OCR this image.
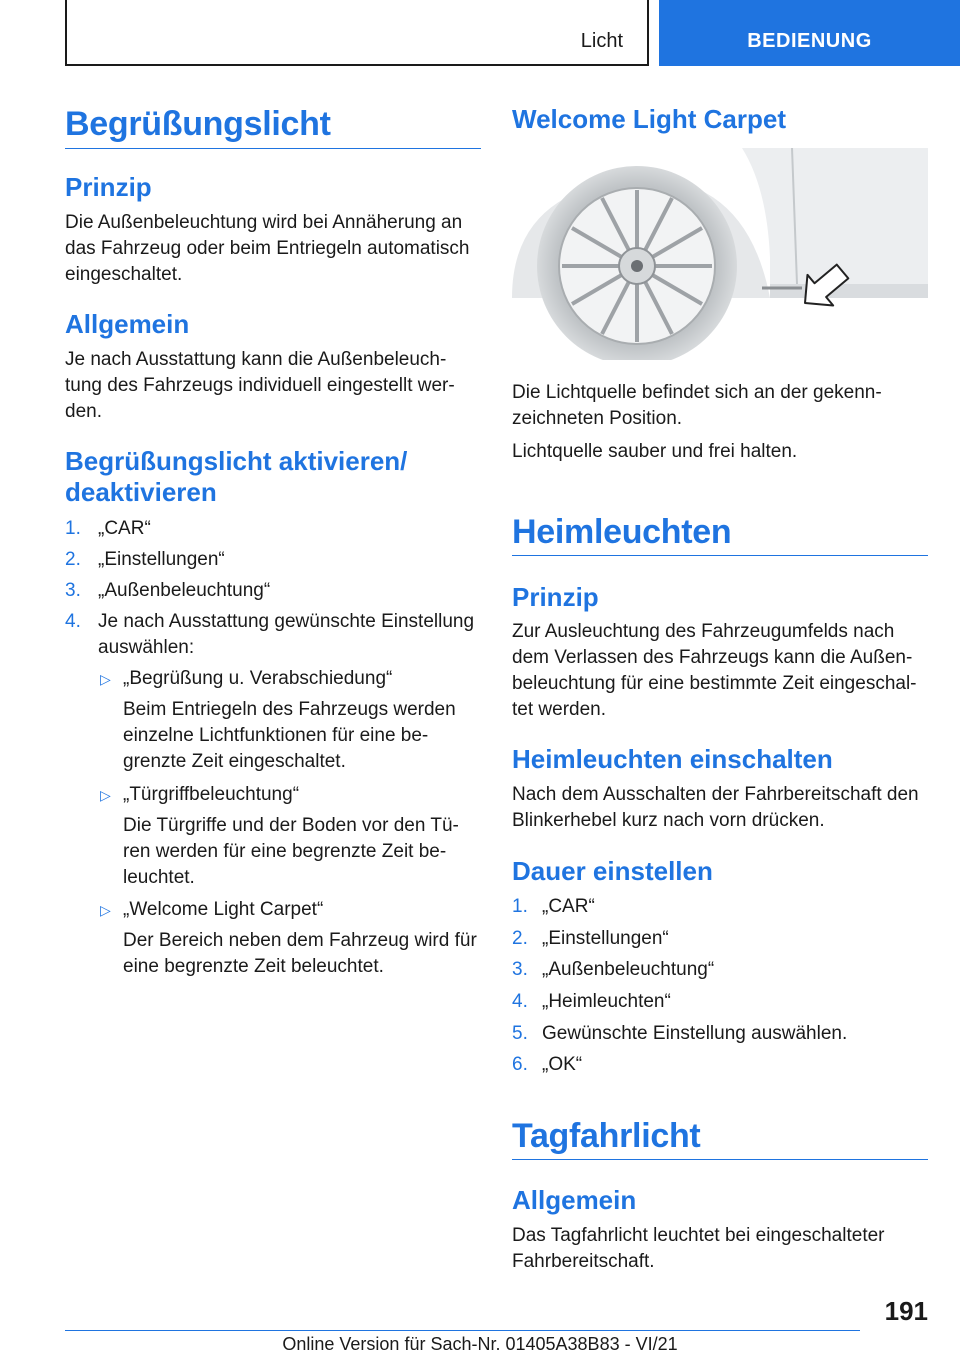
Licht	BEDIENUNG
Begrüßungslicht
Prinzip

Die Außenbeleuchtung wird bei Annäherung an

das Fahrzeug oder beim Entriegeln automatisch

eingeschaltet.

Allgemein

Je nach Ausstattung kann die Außenbeleuch-

tung des Fahrzeugs individuell eingestellt wer-

den.

Begrüßungslicht aktivieren/
deaktivieren
1. „CAR“
2. „Einstellungen“
3. „Außenbeleuchtung“
4. Je nach Ausstattung gewünschte Einstellung
auswählen:
▷ „Begrüßung u. Verabschiedung“
Beim Entriegeln des Fahrzeugs werden
einzelne Lichtfunktionen für eine be-
grenzte Zeit eingeschaltet.
▷ „Türgriffbeleuchtung“
Die Türgriffe und der Boden vor den Tü-
ren werden für eine begrenzte Zeit be-
leuchtet.
▷ „Welcome Light Carpet“
Der Bereich neben dem Fahrzeug wird für
eine begrenzte Zeit beleuchtet.
Welcome Light Carpet

Die Lichtquelle befindet sich an der gekenn-

zeichneten Position.

Lichtquelle sauber und frei halten.

Heimleuchten
Prinzip

Zur Ausleuchtung des Fahrzeugumfelds nach

dem Verlassen des Fahrzeugs kann die Außen-

beleuchtung für eine bestimmte Zeit eingeschal-

tet werden.

Heimleuchten einschalten

Nach dem Ausschalten der Fahrbereitschaft den

Blinkerhebel kurz nach vorn drücken.

Dauer einstellen
1. „CAR“
2. „Einstellungen“
3. „Außenbeleuchtung“
4. „Heimleuchten“
5. Gewünschte Einstellung auswählen.
6. „OK“
Tagfahrlicht
Allgemein

Das Tagfahrlicht leuchtet bei eingeschalteter

Fahrbereitschaft.

191
Online Version für Sach-Nr. 01405A38B83 - VI/21
